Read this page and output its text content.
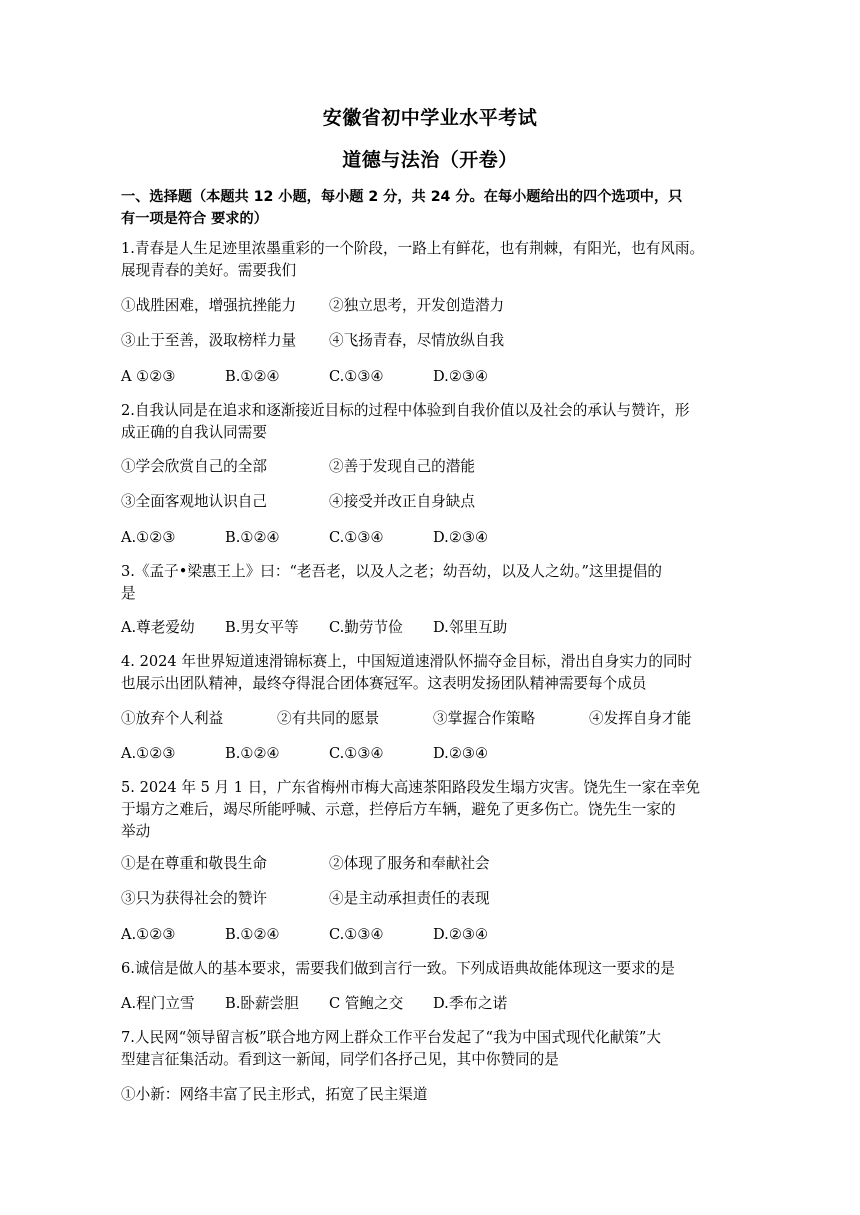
安徽省初中学业水平考试
道德与法治（开卷）
一、选择题（本题共 12 小题，每小题 2 分，共 24 分。在每小题给出的四个选项中，只
有一项是符合 要求的）
1.青春是人生足迹里浓墨重彩的一个阶段，一路上有鲜花，也有荆棘，有阳光，也有风雨。
展现青春的美好。需要我们
①战胜困难，增强抗挫能力 ②独立思考，开发创造潜力
③止于至善，汲取榜样力量 ④飞扬青春，尽情放纵自我
A ①②③	B.①②④	C.①③④	D.②③④
2.自我认同是在追求和逐渐接近目标的过程中体验到自我价值以及社会的承认与赞许，形
成正确的自我认同需要
①学会欣赏自己的全部	②善于发现自己的潜能
③全面客观地认识自己	④接受并改正自身缺点
A.①②③	B.①②④	C.①③④	D.②③④
3.《孟子•梁惠王上》曰：“老吾老，以及人之老；幼吾幼，以及人之幼。”这里提倡的
是
A.尊老爱幼 B.男女平等 C.勤劳节俭 D.邻里互助
4. 2024 年世界短道速滑锦标赛上，中国短道速滑队怀揣夺金目标，滑出自身实力的同时
也展示出团队精神，最终夺得混合团体赛冠军。这表明发扬团队精神需要每个成员
①放弃个人利益	②有共同的愿景	③掌握合作策略	④发挥自身才能
A.①②③	B.①②④	C.①③④	D.②③④
5. 2024 年 5 月 1 日，广东省梅州市梅大高速茶阳路段发生塌方灾害。饶先生一家在幸免
于塌方之难后，竭尽所能呼喊、示意，拦停后方车辆，避免了更多伤亡。饶先生一家的
举动
①是在尊重和敬畏生命	②体现了服务和奉献社会
③只为获得社会的赞许	④是主动承担责任的表现
A.①②③	B.①②④	C.①③④	D.②③④
6.诚信是做人的基本要求，需要我们做到言行一致。下列成语典故能体现这一要求的是
A.程门立雪 B.卧薪尝胆 C 管鲍之交 D.季布之诺
7.人民网“领导留言板”联合地方网上群众工作平台发起了“我为中国式现代化献策”大
型建言征集活动。看到这一新闻，同学们各抒己见，其中你赞同的是
①小新：网络丰富了民主形式，拓宽了民主渠道
